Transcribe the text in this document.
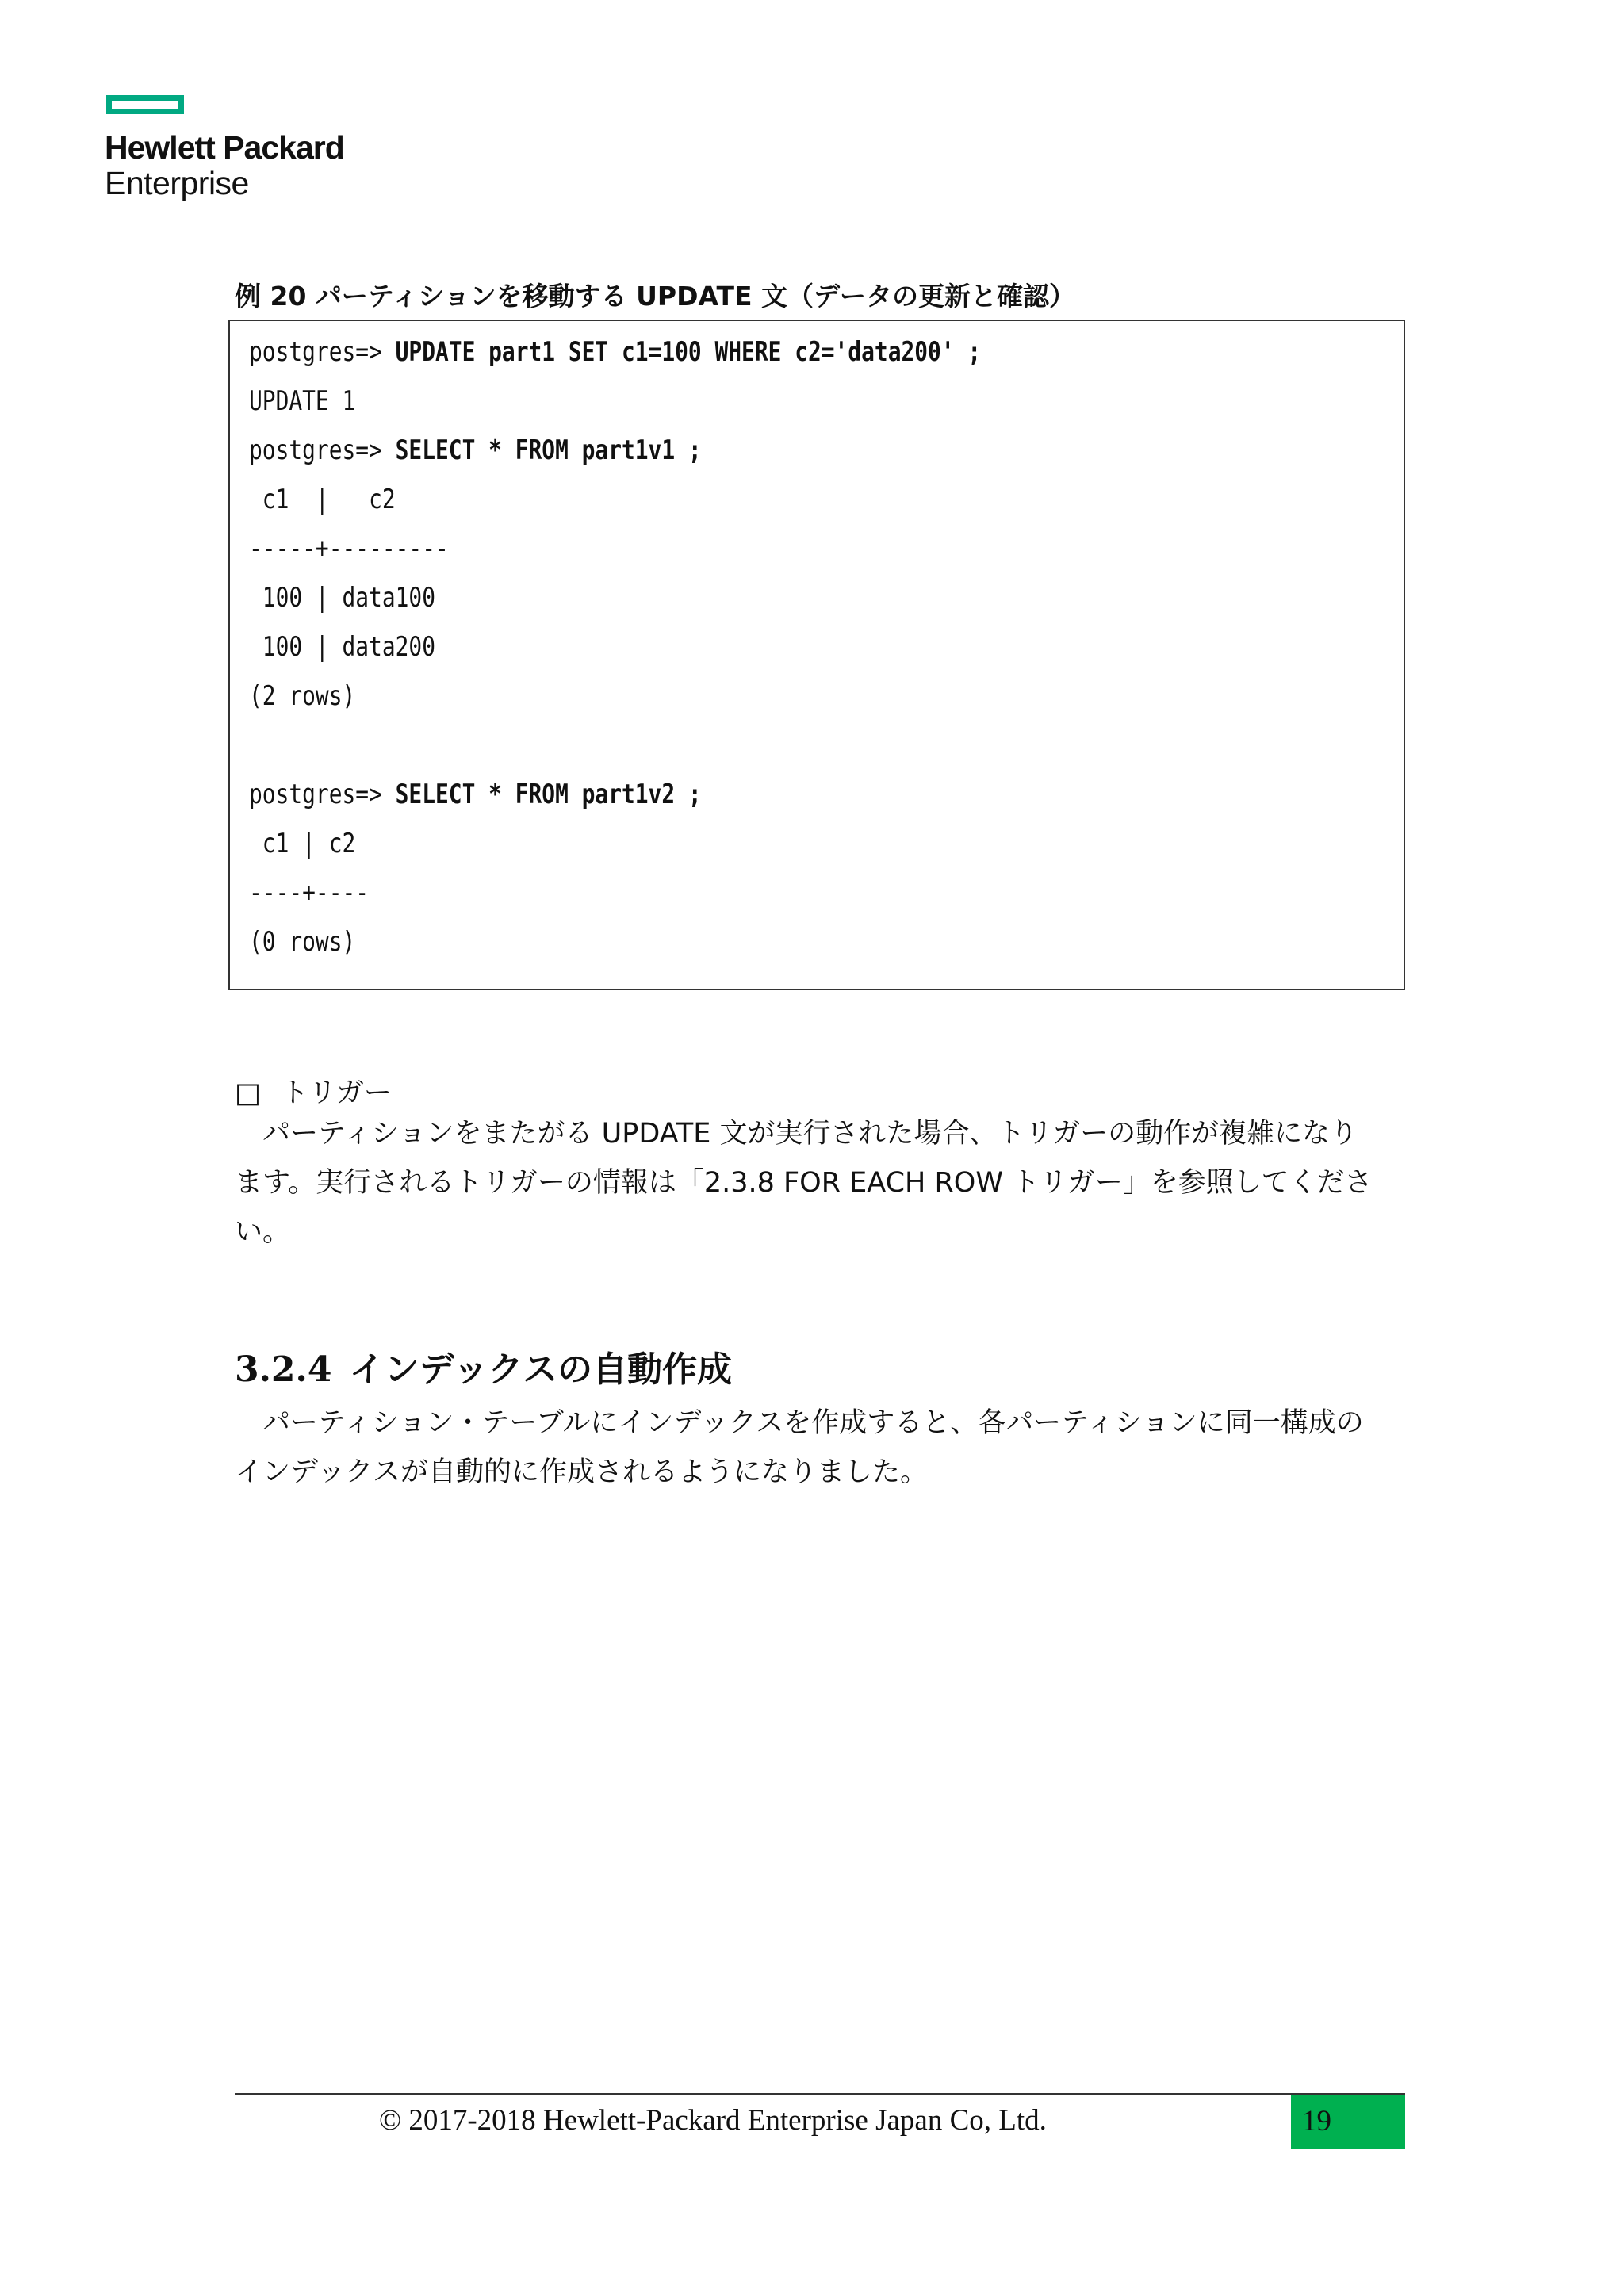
Hewlett Packard
Enterprise
例 20 パーティションを移動する UPDATE 文（データの更新と確認）
postgres=> UPDATE part1 SET c1=100 WHERE c2='data200' ;
UPDATE 1
postgres=> SELECT * FROM part1v1 ;
c1  |   c2
-----+---------
100 | data100
100 | data200
(2 rows)
postgres=> SELECT * FROM part1v2 ;
c1 | c2
----+----
(0 rows)
□ トリガー
　パーティションをまたがる UPDATE 文が実行された場合、トリガーの動作が複雑になり
ます。実行されるトリガーの情報は「2.3.8 FOR EACH ROW トリガー」を参照してくださ
い。
3.2.4 インデックスの自動作成
　パーティション・テーブルにインデックスを作成すると、各パーティションに同一構成の
インデックスが自動的に作成されるようになりました。
© 2017-2018 Hewlett-Packard Enterprise Japan Co, Ltd.	19
